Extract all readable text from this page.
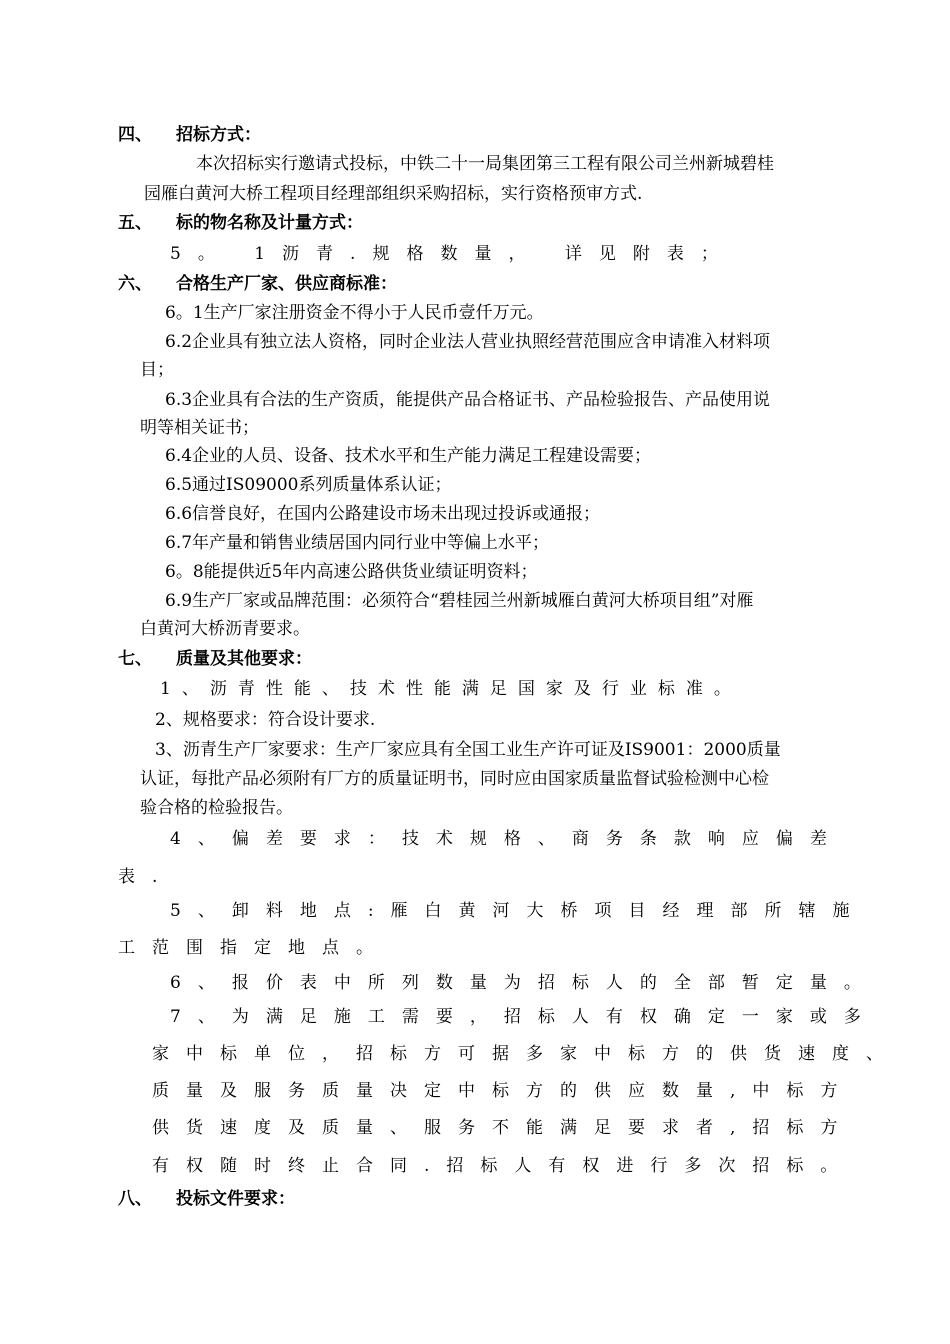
四、 招标方式：
本次招标实行邀请式投标，中铁二十一局集团第三工程有限公司兰州新城碧桂
园雁白黄河大桥工程项目经理部组织采购招标，实行资格预审方式.
五、 标的物名称及计量方式：
5。 1沥青.规格数量， 详见附表；
六、 合格生产厂家、供应商标准：
6。1生产厂家注册资金不得小于人民币壹仟万元。
6.2企业具有独立法人资格，同时企业法人营业执照经营范围应含申请准入材料项
目；
6.3企业具有合法的生产资质，能提供产品合格证书、产品检验报告、产品使用说
明等相关证书；
6.4企业的人员、设备、技术水平和生产能力满足工程建设需要；
6.5通过IS09000系列质量体系认证；
6.6信誉良好，在国内公路建设市场未出现过投诉或通报；
6.7年产量和销售业绩居国内同行业中等偏上水平；
6。8能提供近5年内高速公路供货业绩证明资料；
6.9生产厂家或品牌范围：必须符合“碧桂园兰州新城雁白黄河大桥项目组”对雁
白黄河大桥沥青要求。
七、 质量及其他要求：
1、沥青性能、技术性能满足国家及行业标准。
2、规格要求：符合设计要求.
3、沥青生产厂家要求：生产厂家应具有全国工业生产许可证及IS9001：2000质量
认证，每批产品必须附有厂方的质量证明书，同时应由国家质量监督试验检测中心检
验合格的检验报告。
4、偏差要求：技术规格、商务条款响应偏差
表.
5、卸料地点:雁白黄河大桥项目经理部所辖施
工范围指定地点。
6、报价表中所列数量为招标人的全部暂定量。
7、为满足施工需要，招标人有权确定一家或多
家中标单位，招标方可据多家中标方的供货速度、
质量及服务质量决定中标方的供应数量,中标方
供货速度及质量、服务不能满足要求者,招标方
有权随时终止合同.招标人有权进行多次招标。
八、 投标文件要求：
